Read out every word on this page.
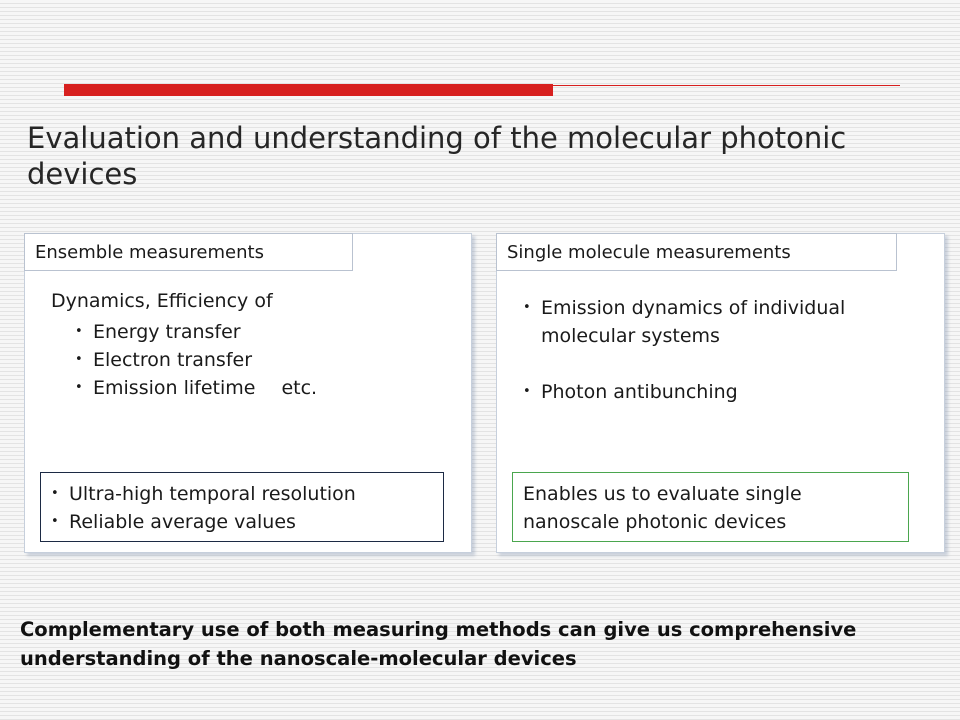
Evaluation and understanding of the molecular photonic devices
Ensemble measurements

Dynamics, Efficiency of

• Energy transfer
• Electron transfer
• Emission lifetime etc.
• Ultra-high temporal resolution
• Reliable average values
Single molecule measurements
• Emission dynamics of individual molecular systems
• Photon antibunching
Enables us to evaluate single nanoscale photonic devices

Complementary use of both measuring methods can give us comprehensive understanding of the nanoscale-molecular devices
